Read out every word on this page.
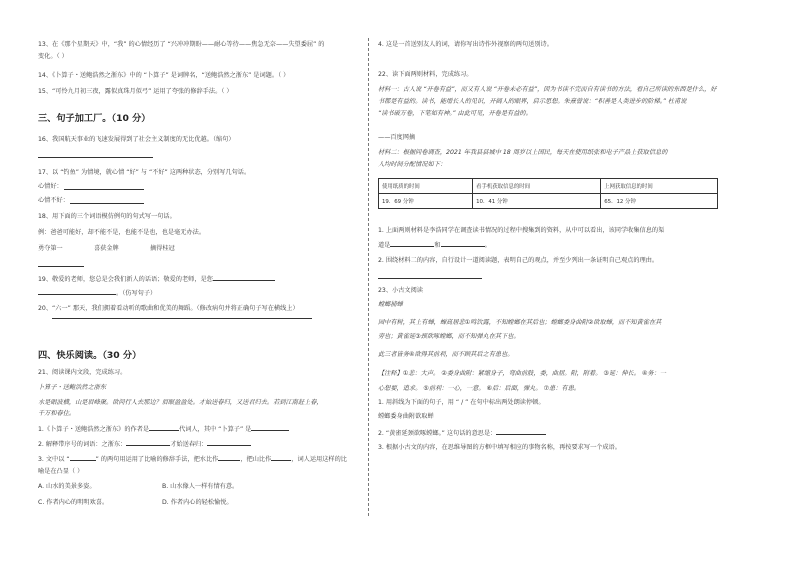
13、在《那个星期天》中，“我” 的心情经历了 “兴冲冲期盼——耐心等待——焦急无奈——失望委屈” 的
变化。（ ）
14、《卜算子・送鲍浩然之浙东》中的 “卜算子” 是词牌名，“送鲍浩然之浙东” 是词题。（ ）
15、“可怜九月初三夜，露似真珠月似弓” 运用了夸张的修辞手法。（ ）
三、句子加工厂。（10 分）
16、我国航天事业的飞速发展得到了社会主义制度的无比优越。（缩句）
17、以 “钓鱼” 为情境，就心情 “好” 与 “不好” 这两种状态，分别写几句话。
心情好：
心情不好：
18、用下面的三个词语模仿例句的句式写一句话。
例：爸爸可能好，却不能不是，也能不是也，也是毫无办法。
勇夺第一	喜获金牌	摘得桂冠
19、敬爱的老师，您总是会我们新人的话语；敬爱的老师，是您
。（仿写句子）
20、“六一” 那天，我们拥着看动听的歌曲和优美的舞蹈。（修改病句并将正确句子写在横线上）
四、快乐阅读。（30 分）
21、阅读课内文段，完成练习。
卜算子・送鲍浩然之浙东
水是眼波横，山是眉峰聚。欲问行人去那边？眉眼盈盈处。才始送春归，又送君归去。若到江南赶上春，
千万和春住。
1.《卜算子・送鲍浩然之浙东》的作者是	代词人，其中 “卜算子” 是
2. 解释带序号的词语：之浙东：	才始送春归：
3. 文中以 “	” 的两句用运用了比喻的修辞手法，把水比作	，把山比作	，词人运用这样的比
喻是在凸显（ ）
A. 山水的美景多姿。	B. 山水像人一样有情有意。
C. 作者内心的明明欢喜。	D. 作者内心的轻松愉悦。
4. 这是一首送别友人的词，请你写出诗作外视察的两句送别诗。
22、读下面两则材料，完成练习。
材料一：古人说 “开卷有益”，而又有人说 “开卷未必有益”，因为书读不完而自有读书的方法，看自己所读的东西是什么，好
书都是有益的。读书，能增长人的见识，开阔人的眼界，启示思想。朱熹曾说：“积善是人类进步的阶梯。” 杜甫说
“读书破万卷，下笔如有神。” 由此可见，开卷是有益的。
——百度网摘
材料二：根据问卷调查，2021 年我县县城中 18 周岁以上国民，每天在使用纸张和电子产品上获取信息的
人均时间分配情况如下：
使用纸质的时间	看手机获取信息的时间	上网获取信息的时间
19．69 分钟	10．41 分钟	65．12 分钟
1. 上面两则材料是李浩同学在调查读书情况的过程中搜集到的资料，从中可以看出，该同学收集信息的渠
道是	和	。
2. 围绕材料二的内容，自行设计一道阅读题，表明自己的观点，并至少列出一条证明自己观点的理由。
23、小古文阅读
螳螂捕蝉
园中有树，其上有蝉，蝉高居悲①鸣饮露，不知螳螂在其后也；螳螂委身曲附②欲取蝉，而不知黄雀在其
旁也；黄雀延③颈欲啄螳螂，而不知弹丸在其下也。
此三者皆务④欲得其前利，而不顾其后之有患也。
【注释】①悲：大声。 ②委身曲附：紧缩身子，弯曲前肢，委，曲屈。附，附着。 ③延：伸长。 ④务：一
心想要，追求。 ⑤前利：一心，一意。 ⑥后：后面，弹丸。 ⑦患：有患。
1. 用斜线为下面的句子，用 “ / ” 在句中标出两处朗读停顿。
螳螂委身曲附欲取蝉
2. “黄雀延颈欲啄螳螂。” 这句话的意思是：
3. 根据小古文的内容，在思维导图的方框中填写相应的事物名称，再按要求写一个成语。
